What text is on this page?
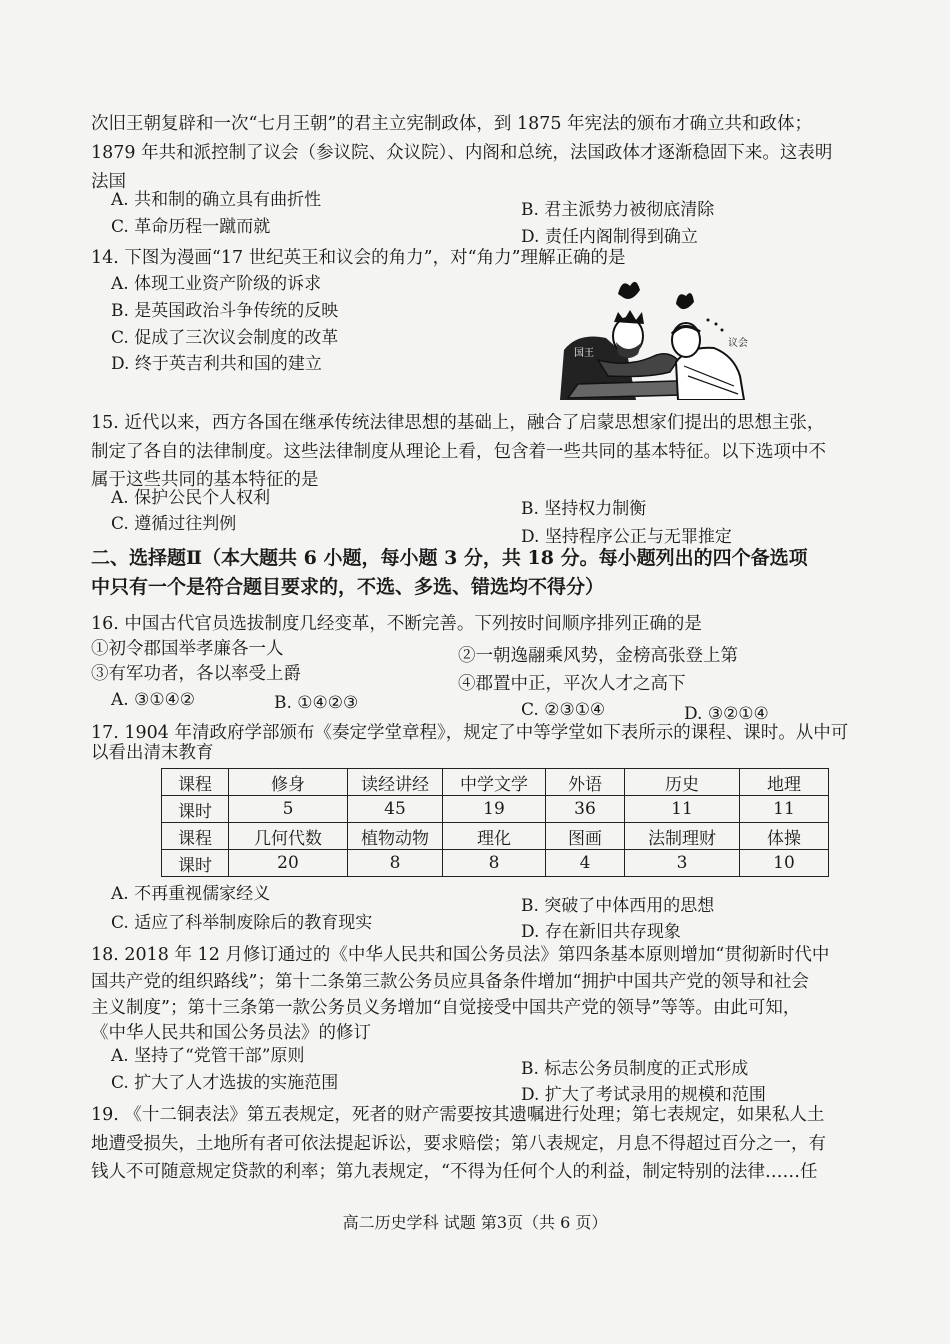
次旧王朝复辟和一次“七月王朝”的君主立宪制政体，到 1875 年宪法的颁布才确立共和政体；
1879 年共和派控制了议会（参议院、众议院）、内阁和总统，法国政体才逐渐稳固下来。这表明
法国
A. 共和制的确立具有曲折性	B. 君主派势力被彻底清除
C. 革命历程一蹴而就	D. 责任内阁制得到确立
14. 下图为漫画“17 世纪英王和议会的角力”，对“角力”理解正确的是
A. 体现工业资产阶级的诉求
B. 是英国政治斗争传统的反映
C. 促成了三次议会制度的改革
D. 终于英吉利共和国的建立
国王
议会
15. 近代以来，西方各国在继承传统法律思想的基础上，融合了启蒙思想家们提出的思想主张，
制定了各自的法律制度。这些法律制度从理论上看，包含着一些共同的基本特征。以下选项中不
属于这些共同的基本特征的是
A. 保护公民个人权利
B. 坚持权力制衡
C. 遵循过往判例
D. 坚持程序公正与无罪推定
二、选择题Ⅱ（本大题共 6 小题，每小题 3 分，共 18 分。每小题列出的四个备选项
中只有一个是符合题目要求的，不选、多选、错选均不得分）
16. 中国古代官员选拔制度几经变革，不断完善。下列按时间顺序排列正确的是
①初令郡国举孝廉各一人	②一朝逸翮乘风势，金榜高张登上第
③有军功者，各以率受上爵	④郡置中正，平次人才之高下
A. ③①④②	B. ①④②③	C. ②③①④	D. ③②①④
17. 1904 年清政府学部颁布《奏定学堂章程》，规定了中等学堂如下表所示的课程、课时。从中可
以看出清末教育
课程	修身	读经讲经	中学文学	外语	历史	地理
课时	5	45	19	36	11	11
课程	几何代数	植物动物	理化	图画	法制理财	体操
课时	20	8	8	4	3	10
A. 不再重视儒家经义
B. 突破了中体西用的思想
C. 适应了科举制废除后的教育现实	D. 存在新旧共存现象
18. 2018 年 12 月修订通过的《中华人民共和国公务员法》第四条基本原则增加“贯彻新时代中
国共产党的组织路线”；第十二条第三款公务员应具备条件增加“拥护中国共产党的领导和社会
主义制度”；第十三条第一款公务员义务增加“自觉接受中国共产党的领导”等等。由此可知，
《中华人民共和国公务员法》的修订
A. 坚持了“党管干部”原则
B. 标志公务员制度的正式形成
C. 扩大了人才选拔的实施范围
D. 扩大了考试录用的规模和范围
19. 《十二铜表法》第五表规定，死者的财产需要按其遗嘱进行处理；第七表规定，如果私人土
地遭受损失，土地所有者可依法提起诉讼，要求赔偿；第八表规定，月息不得超过百分之一，有
钱人不可随意规定贷款的利率；第九表规定，“不得为任何个人的利益，制定特别的法律……任
高二历史学科 试题 第3页（共 6 页）
